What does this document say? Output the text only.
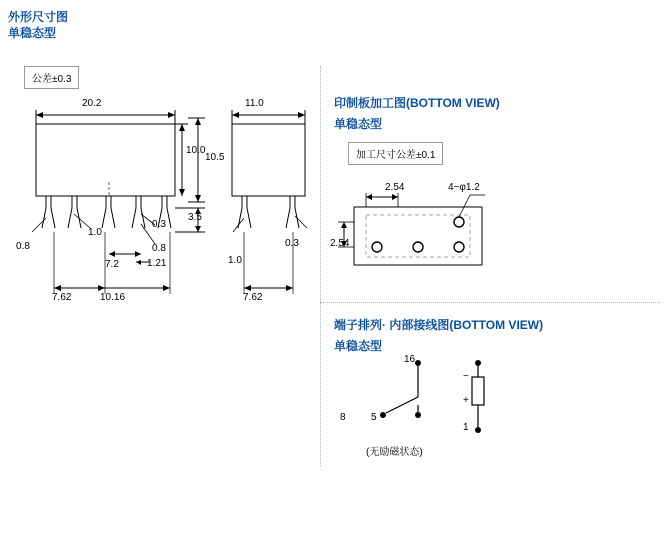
外形尺寸图
单稳态型
公差±0.3
20.2
10.0
10.5
3.5
0.8
1.0
0.3
0.8
7.2	1.21
7.62	10.16
11.0
1.0
0.3
7.62
印制板加工图(BOTTOM VIEW)
单稳态型
加工尺寸公差±0.1
2.54
2.54
4−φ1.2
端子排列· 内部接线图(BOTTOM VIEW)
单稳态型
16
8	5
+
−
1
(无励磁状态)
